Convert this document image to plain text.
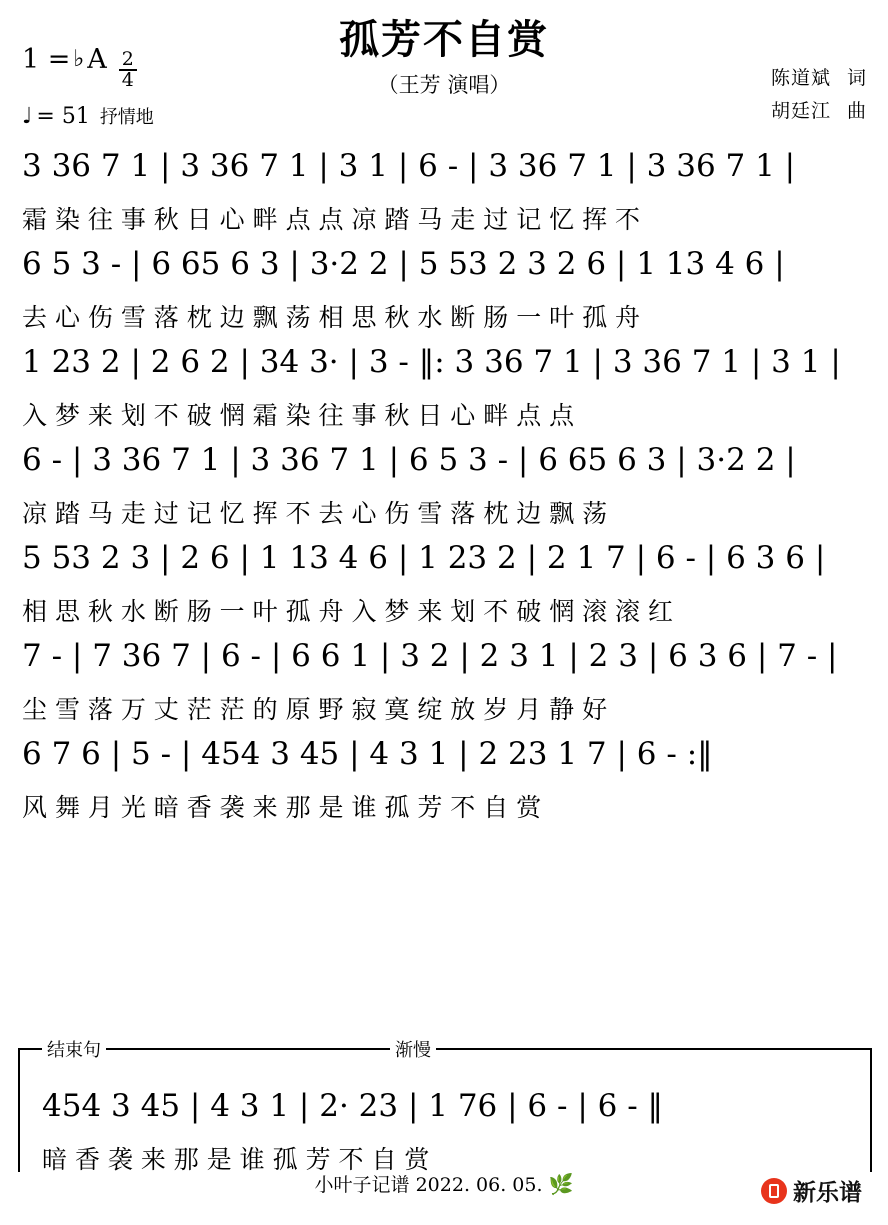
孤芳不自赏
（王芳 演唱）
1 = ♭ A $\frac{2}{4}$
♩ = 51 抒情地
陈道斌 词
胡廷江 曲
3 36 7 1 | 3 36 7 1 | 3 1 | 6 - | 3 36 7 1 | 3 36 7 1 |
霜 染 往 事 秋 日 心 畔 点 点 凉 踏 马 走 过 记 忆 挥 不
6 5 3 - | 6 65 6 3 | 3·2 2 | 5 53 2 3 2 6 | 1 13 4 6 |
去 心 伤 雪 落 枕 边 飘 荡 相 思 秋 水 断 肠 一 叶 孤 舟
1 23 2 | 2 6 2 | 34 3· | 3 - ‖: 3 36 7 1 | 3 36 7 1 | 3 1 |
入 梦 来 划 不 破 惘 霜 染 往 事 秋 日 心 畔 点 点
6 - | 3 36 7 1 | 3 36 7 1 | 6 5 3 - | 6 65 6 3 | 3·2 2 |
凉 踏 马 走 过 记 忆 挥 不 去 心 伤 雪 落 枕 边 飘 荡
5 53 2 3 | 2 6 | 1 13 4 6 | 1 23 2 | 2 1 7 | 6 - | 6 3 6 |
相 思 秋 水 断 肠 一 叶 孤 舟 入 梦 来 划 不 破 惘 滚 滚 红
7 - | 7 36 7 | 6 - | 6 6 1 | 3 2 | 2 3 1 | 2 3 | 6 3 6 | 7 - |
尘 雪 落 万 丈 茫 茫 的 原 野 寂 寞 绽 放 岁 月 静 好
6 7 6 | 5 - | 454 3 45 | 4 3 1 | 2 23 1 7 | 6 - :‖
风 舞 月 光 暗 香 袭 来 那 是 谁 孤 芳 不 自 赏
结束句	渐慢
454 3 45 | 4 3 1 | 2· 23 | 1 76 | 6 - | 6 - ‖
暗 香 袭 来 那 是 谁 孤 芳 不 自 赏
小叶子记谱 2022. 06. 05. 🌿	新乐谱
